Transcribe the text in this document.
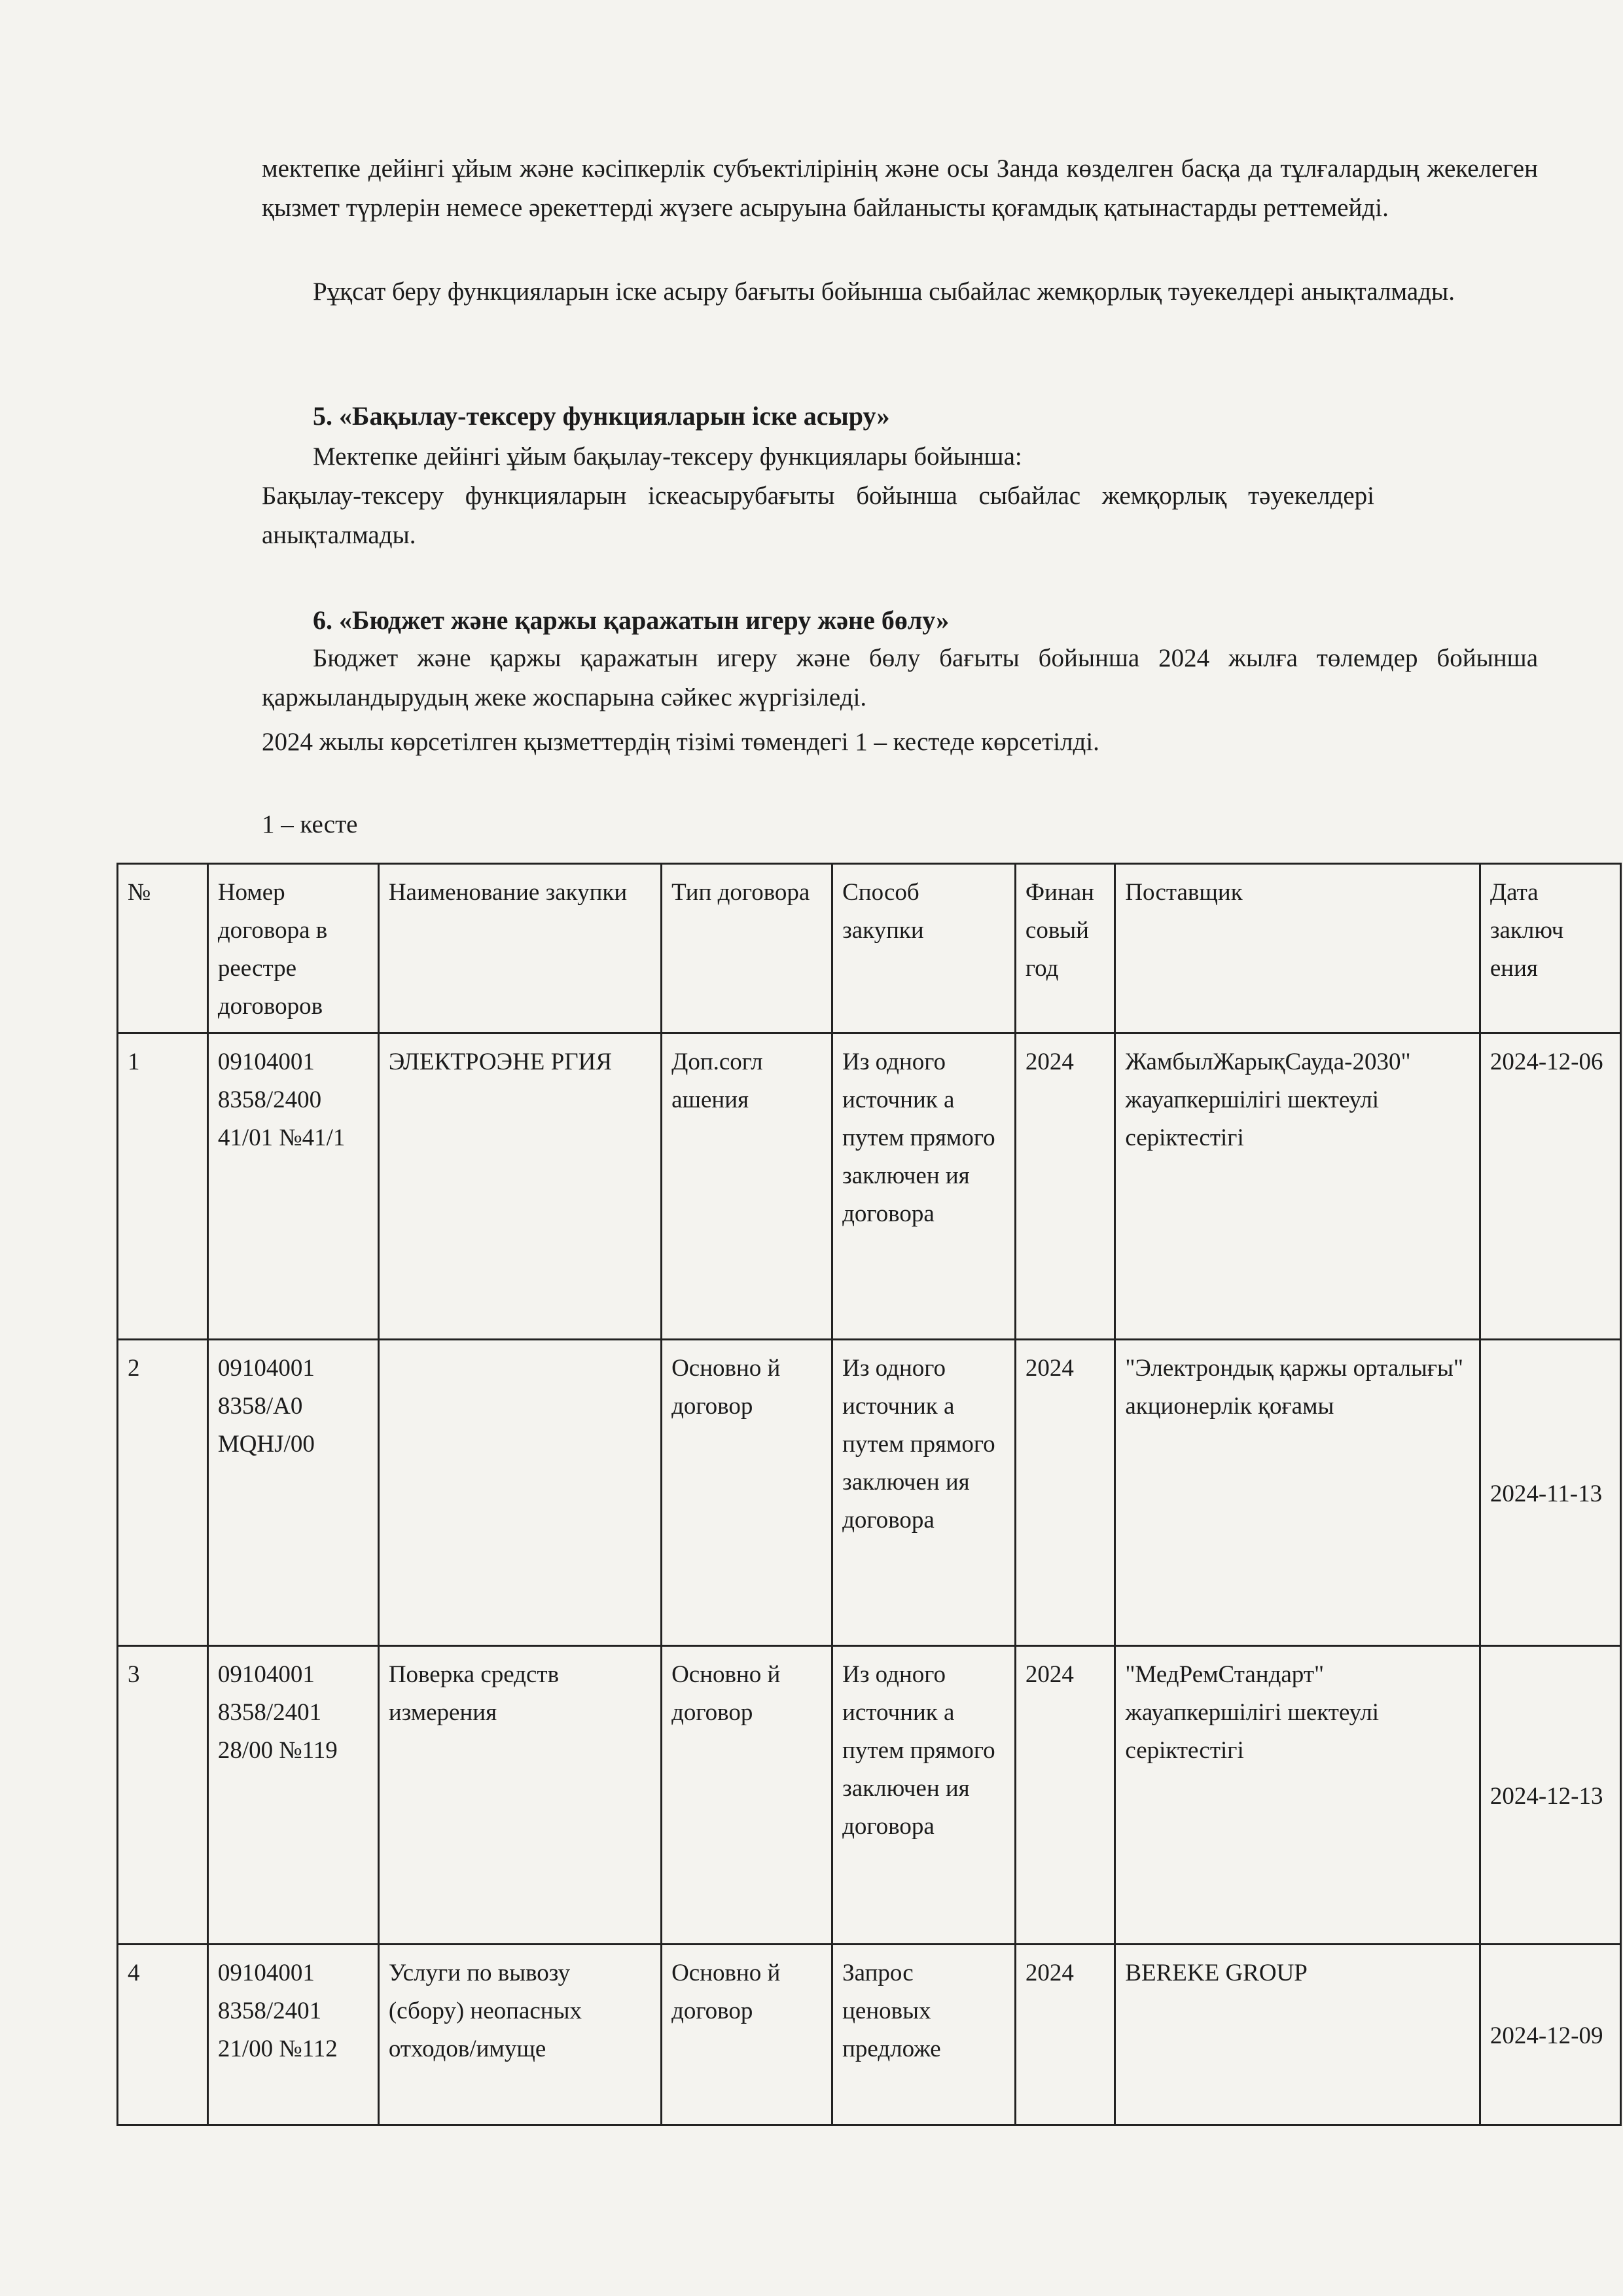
мектепке дейінгі ұйым және кәсіпкерлік субъектілірінің және осы Занда көзделген басқа да тұлғалардың жекелеген қызмет түрлерін немесе әрекеттерді жүзеге асыруына байланысты қоғамдық қатынастарды реттемейді.
Рұқсат беру функцияларын іске асыру бағыты бойынша сыбайлас жемқорлық тәуекелдері анықталмады.
5. «Бақылау-тексеру функцияларын іске асыру»
Мектепке дейінгі ұйым бақылау-тексеру функциялары бойынша:
Бақылау-тексеру функцияларын іскеасырубағыты бойынша сыбайлас жемқорлық тәуекелдері анықталмады.
6. «Бюджет және қаржы қаражатын игеру және бөлу»
Бюджет және қаржы қаражатын игеру және бөлу бағыты бойынша 2024 жылға төлемдер бойынша қаржыландырудың жеке жоспарына сәйкес жүргізіледі.
2024 жылы көрсетілген қызметтердің тізімі төмендегі 1 – кестеде көрсетілді.
1 – кесте
№	Номер договора в реестре договоров	Наименование закупки	Тип договора	Способ закупки	Финан совый год	Поставщик	Дата заключ ения
1	09104001 8358/2400 41/01 №41/1	ЭЛЕКТРОЭНЕ РГИЯ	Доп.согл ашения	Из одного источник а путем прямого заключен ия договора	2024	ЖамбылЖарықСауда-2030" жауапкершілігі шектеулі серіктестігі	2024-12-06
2	09104001 8358/A0 MQHJ/00		Основно й договор	Из одного источник а путем прямого заключен ия договора	2024	"Электрондық қаржы орталығы" акционерлік қоғамы	2024-11-13
3	09104001 8358/2401 28/00 №119	Поверка средств измерения	Основно й договор	Из одного источник а путем прямого заключен ия договора	2024	"МедРемСтандарт" жауапкершілігі шектеулі серіктестігі	2024-12-13
4	09104001 8358/2401 21/00 №112	Услуги по вывозу (сбору) неопасных отходов/имуще	Основно й договор	Запрос ценовых предложе	2024	BEREKE GROUP	2024-12-09
